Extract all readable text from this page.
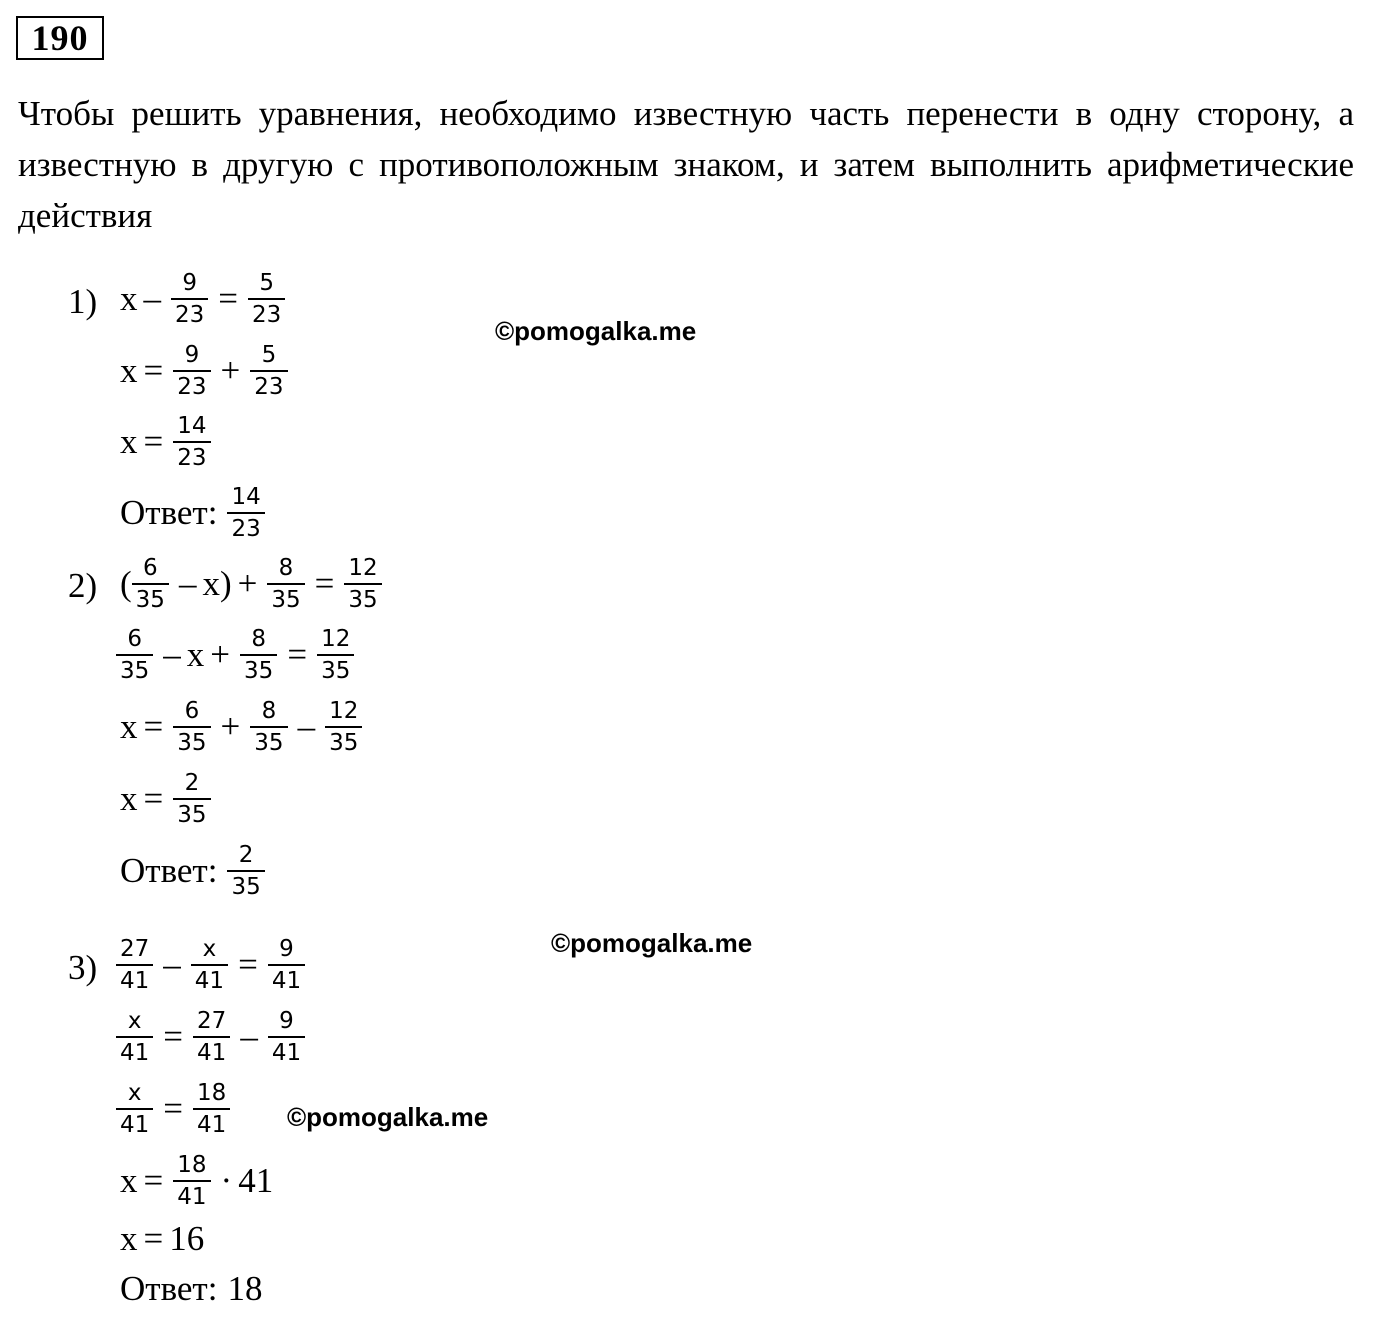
190
Чтобы решить уравнения, необходимо известную часть перенести в одну сторону, а известную в другую с противоположным знаком, и затем выполнить арифметические действия
©pomogalka.me
©pomogalka.me
©pomogalka.me
1) $x - \frac{9}{23} = \frac{5}{23}$
$x = \frac{9}{23} + \frac{5}{23}$
$x = \frac{14}{23}$
Ответ: $\frac{14}{23}$
2) ( $\frac{6}{35}$ – x ) + $\frac{8}{35} = \frac{12}{35}$
$\frac{6}{35} - x + \frac{8}{35} = \frac{12}{35}$
$x = \frac{6}{35} + \frac{8}{35} - \frac{12}{35}$
$x = \frac{2}{35}$
Ответ: $\frac{2}{35}$
$3) \frac{27}{41} - \frac{x}{41} = \frac{9}{41}$
$\frac{x}{41} = \frac{27}{41} - \frac{9}{41}$
$\frac{x}{41} = \frac{18}{41}$
$x = \frac{18}{41} \cdot 41$
x = 16
Ответ: 18
